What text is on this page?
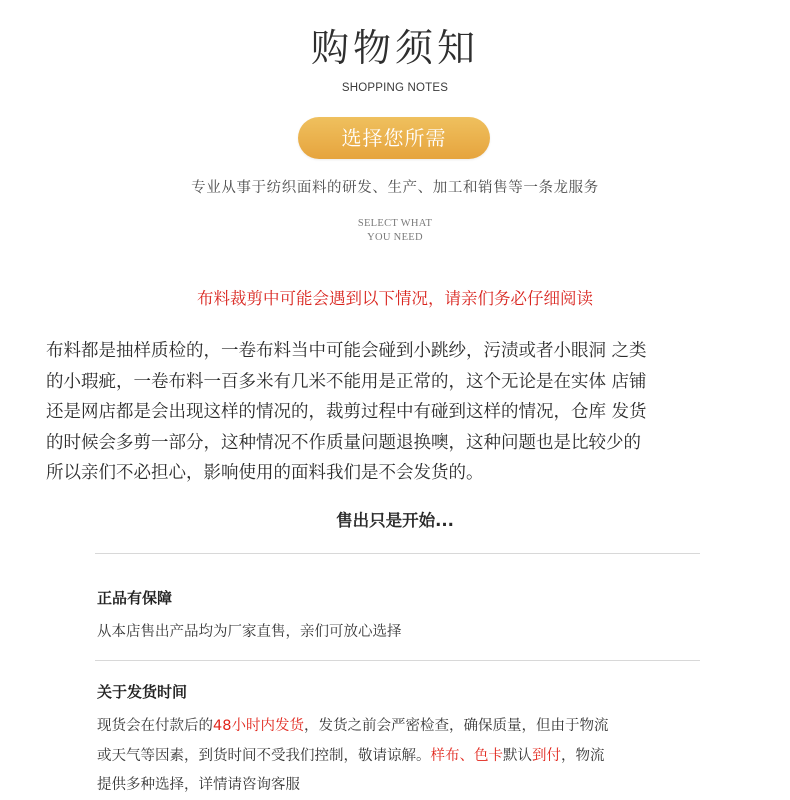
购物须知
SHOPPING NOTES
选择您所需
专业从事于纺织面料的研发、生产、加工和销售等一条龙服务
SELECT WHAT
YOU NEED
布料裁剪中可能会遇到以下情况，请亲们务必仔细阅读
布料都是抽样质检的，一卷布料当中可能会碰到小跳纱，污渍或者小眼洞 之类
的小瑕疵，一卷布料一百多米有几米不能用是正常的，这个无论是在实体 店铺
还是网店都是会出现这样的情况的，裁剪过程中有碰到这样的情况，仓库 发货
的时候会多剪一部分，这种情况不作质量问题退换噢，这种问题也是比较少的
所以亲们不必担心，影响使用的面料我们是不会发货的。
售出只是开始...
正品有保障
从本店售出产品均为厂家直售，亲们可放心选择
关于发货时间
现货会在付款后的48小时内发货，发货之前会严密检查，确保质量，但由于物流
或天气等因素，到货时间不受我们控制，敬请谅解。样布、色卡默认到付，物流
提供多种选择，详情请咨询客服
